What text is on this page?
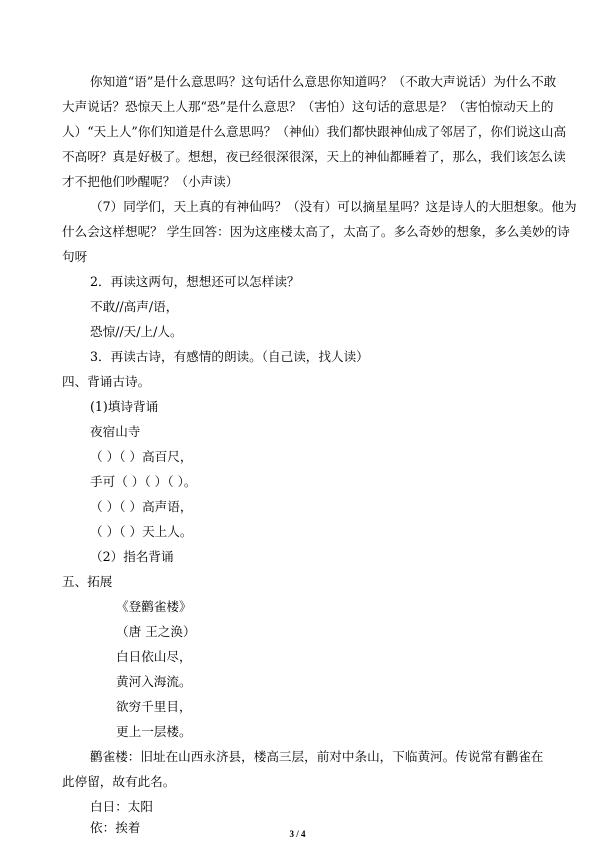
你知道“语”是什么意思吗？这句话什么意思你知道吗？（不敢大声说话）为什么不敢
大声说话？恐惊天上人那“恐”是什么意思？（害怕）这句话的意思是？（害怕惊动天上的
人）“天上人”你们知道是什么意思吗？（神仙）我们都快跟神仙成了邻居了，你们说这山高
不高呀？真是好极了。想想，夜已经很深很深，天上的神仙都睡着了，那么，我们该怎么读
才不把他们吵醒呢？（小声读）
（7）同学们，天上真的有神仙吗？（没有）可以摘星星吗？这是诗人的大胆想象。他为
什么会这样想呢？ 学生回答：因为这座楼太高了，太高了。多么奇妙的想象，多么美妙的诗
句呀
2．再读这两句，想想还可以怎样读？
不敢//高声/语，
恐惊//天/上/人。
3．再读古诗，有感情的朗读。（自己读，找人读）
四、背诵古诗。
(1)填诗背诵
夜宿山寺
（ ）（ ）高百尺，
手可（ ）（ ）（ ）。
（ ）（ ）高声语，
（ ）（ ）天上人。
（2）指名背诵
五、拓展
《登鹳雀楼》
（唐 王之涣）
白日依山尽，
黄河入海流。
欲穷千里目，
更上一层楼。
鹳雀楼：旧址在山西永济县，楼高三层，前对中条山，下临黄河。传说常有鹳雀在
此停留，故有此名。
白日：太阳
依：挨着	3 / 4
